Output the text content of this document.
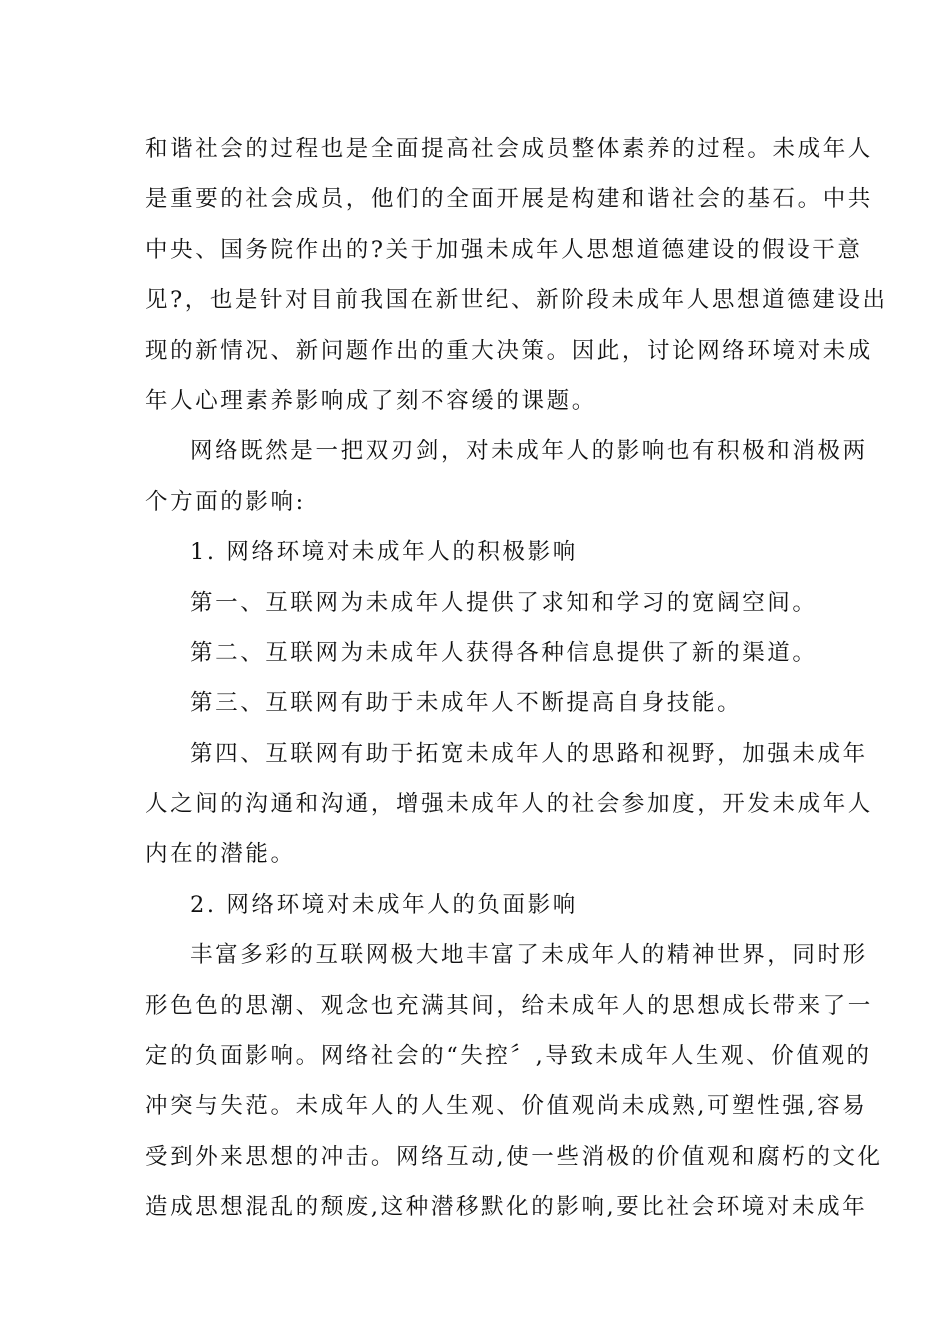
和谐社会的过程也是全面提高社会成员整体素养的过程。未成年人
是重要的社会成员，他们的全面开展是构建和谐社会的基石。中共
中央、国务院作出的?关于加强未成年人思想道德建设的假设干意
见?，也是针对目前我国在新世纪、新阶段未成年人思想道德建设出
现的新情况、新问题作出的重大决策。因此，讨论网络环境对未成
年人心理素养影响成了刻不容缓的课题。
网络既然是一把双刃剑，对未成年人的影响也有积极和消极两
个方面的影响:
1. 网络环境对未成年人的积极影响
第一、互联网为未成年人提供了求知和学习的宽阔空间。
第二、互联网为未成年人获得各种信息提供了新的渠道。
第三、互联网有助于未成年人不断提高自身技能。
第四、互联网有助于拓宽未成年人的思路和视野，加强未成年
人之间的沟通和沟通，增强未成年人的社会参加度，开发未成年人
内在的潜能。
2. 网络环境对未成年人的负面影响
丰富多彩的互联网极大地丰富了未成年人的精神世界，同时形
形色色的思潮、观念也充满其间，给未成年人的思想成长带来了一
定的负面影响。网络社会的“失控〞,导致未成年人生观、价值观的
冲突与失范。未成年人的人生观、价值观尚未成熟,可塑性强,容易
受到外来思想的冲击。网络互动,使一些消极的价值观和腐朽的文化
造成思想混乱的颓废,这种潜移默化的影响,要比社会环境对未成年
